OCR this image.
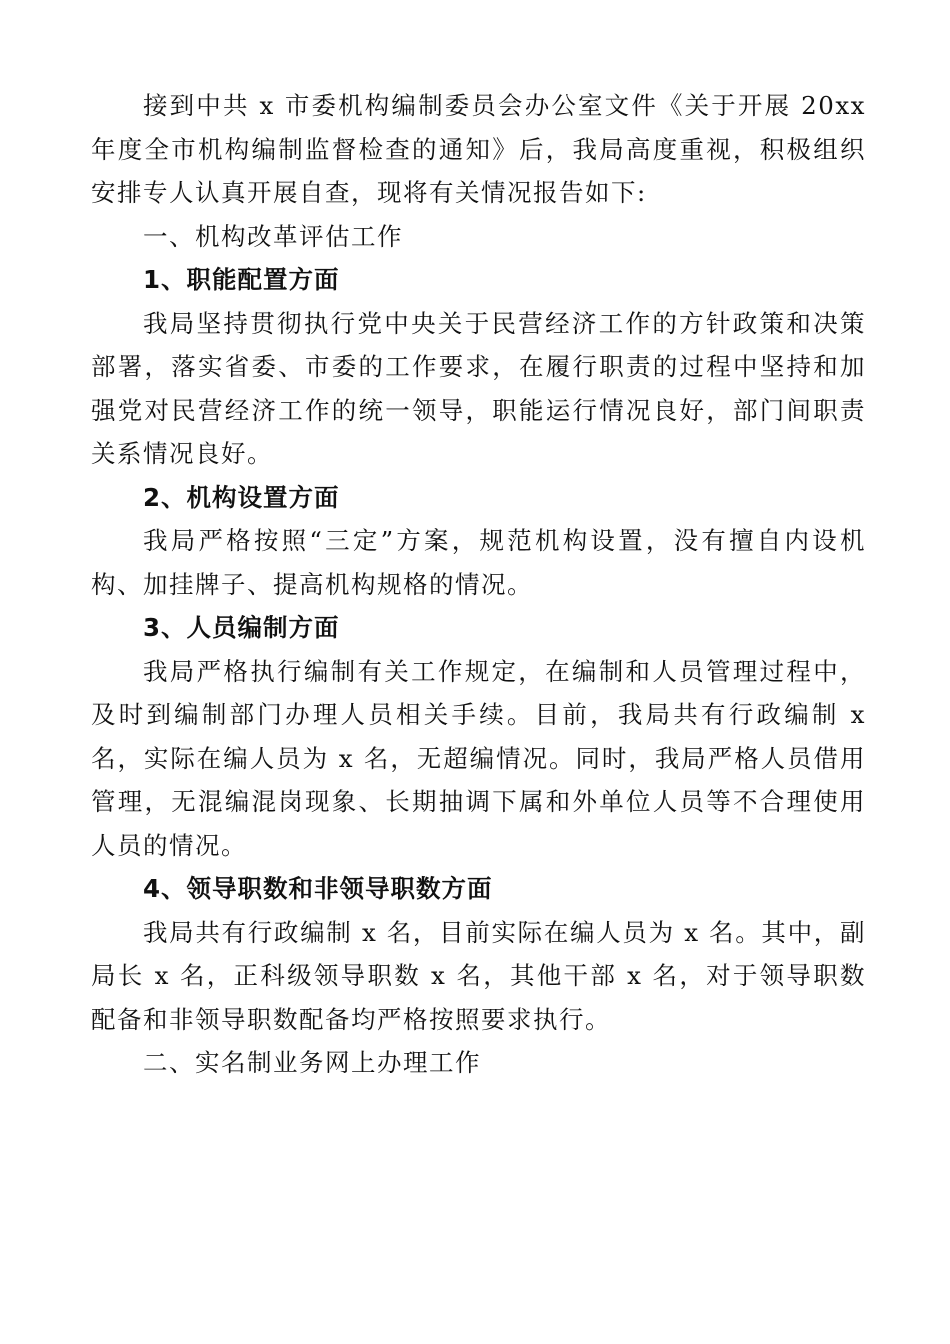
接到中共 x 市委机构编制委员会办公室文件《关于开展 20xx 年度全市机构编制监督检查的通知》后，我局高度重视，积极组织安排专人认真开展自查，现将有关情况报告如下:

一、机构改革评估工作

1、职能配置方面

我局坚持贯彻执行党中央关于民营经济工作的方针政策和决策部署，落实省委、市委的工作要求，在履行职责的过程中坚持和加强党对民营经济工作的统一领导，职能运行情况良好，部门间职责关系情况良好。

2、机构设置方面

我局严格按照“三定”方案，规范机构设置，没有擅自内设机构、加挂牌子、提高机构规格的情况。

3、人员编制方面

我局严格执行编制有关工作规定，在编制和人员管理过程中，及时到编制部门办理人员相关手续。目前，我局共有行政编制 x 名，实际在编人员为 x 名，无超编情况。同时，我局严格人员借用管理，无混编混岗现象、长期抽调下属和外单位人员等不合理使用人员的情况。

4、领导职数和非领导职数方面

我局共有行政编制 x 名，目前实际在编人员为 x 名。其中，副局长 x 名，正科级领导职数 x 名，其他干部 x 名，对于领导职数配备和非领导职数配备均严格按照要求执行。

二、实名制业务网上办理工作
